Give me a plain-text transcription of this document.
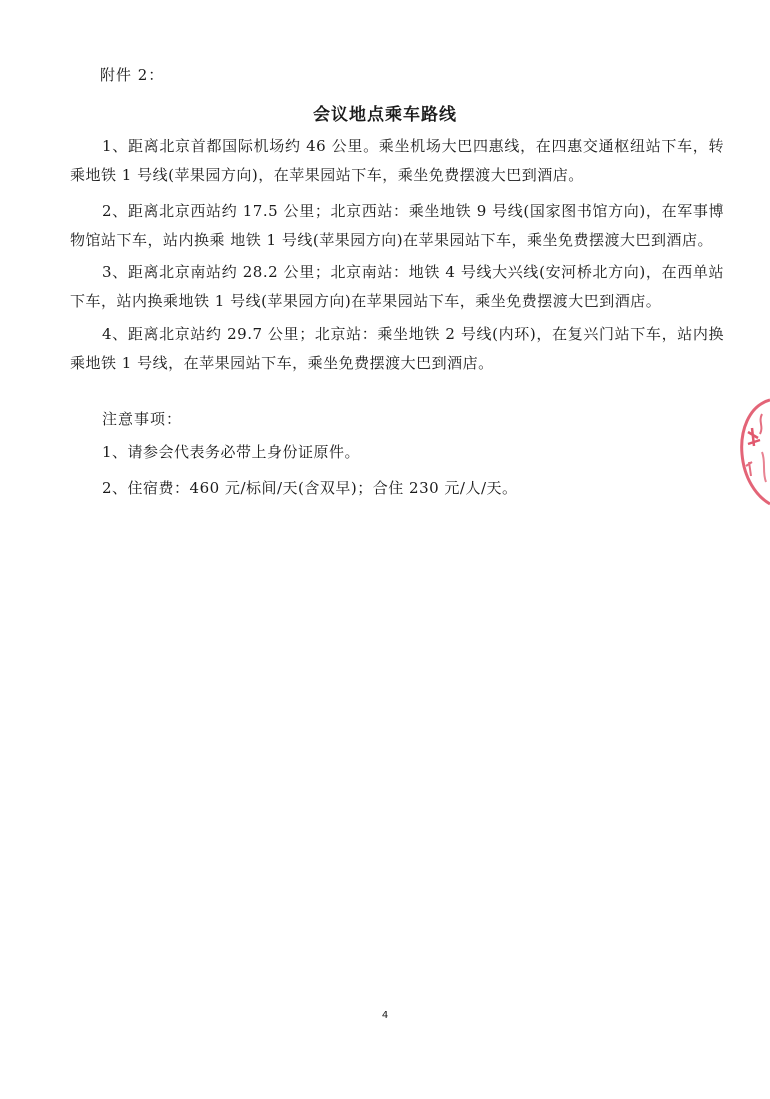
附件 2：
会议地点乘车路线

1、距离北京首都国际机场约 46 公里。乘坐机场大巴四惠线，在四惠交通枢纽站下车，转乘地铁 1 号线(苹果园方向)，在苹果园站下车，乘坐免费摆渡大巴到酒店。

2、距离北京西站约 17.5 公里；北京西站：乘坐地铁 9 号线(国家图书馆方向)，在军事博物馆站下车，站内换乘 地铁 1 号线(苹果园方向)在苹果园站下车，乘坐免费摆渡大巴到酒店。

3、距离北京南站约 28.2 公里；北京南站：地铁 4 号线大兴线(安河桥北方向)，在西单站下车，站内换乘地铁 1 号线(苹果园方向)在苹果园站下车，乘坐免费摆渡大巴到酒店。

4、距离北京站约 29.7 公里；北京站：乘坐地铁 2 号线(内环)，在复兴门站下车，站内换乘地铁 1 号线，在苹果园站下车，乘坐免费摆渡大巴到酒店。

注意事项：
1、请参会代表务必带上身份证原件。
2、住宿费：460 元/标间/天(含双早)；合住 230 元/人/天。
4
